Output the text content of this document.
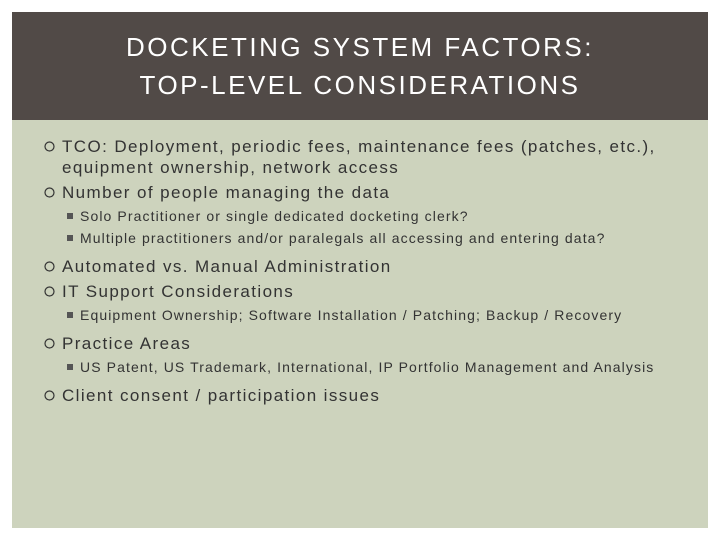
DOCKETING SYSTEM FACTORS:
TOP-LEVEL CONSIDERATIONS
TCO: Deployment, periodic fees, maintenance fees (patches, etc.), equipment ownership, network access
Number of people managing the data
Solo Practitioner or single dedicated docketing clerk?
Multiple practitioners and/or paralegals all accessing and entering data?
Automated vs. Manual Administration
IT Support Considerations
Equipment Ownership; Software Installation / Patching; Backup / Recovery
Practice Areas
US Patent, US Trademark, International, IP Portfolio Management and Analysis
Client consent / participation issues
